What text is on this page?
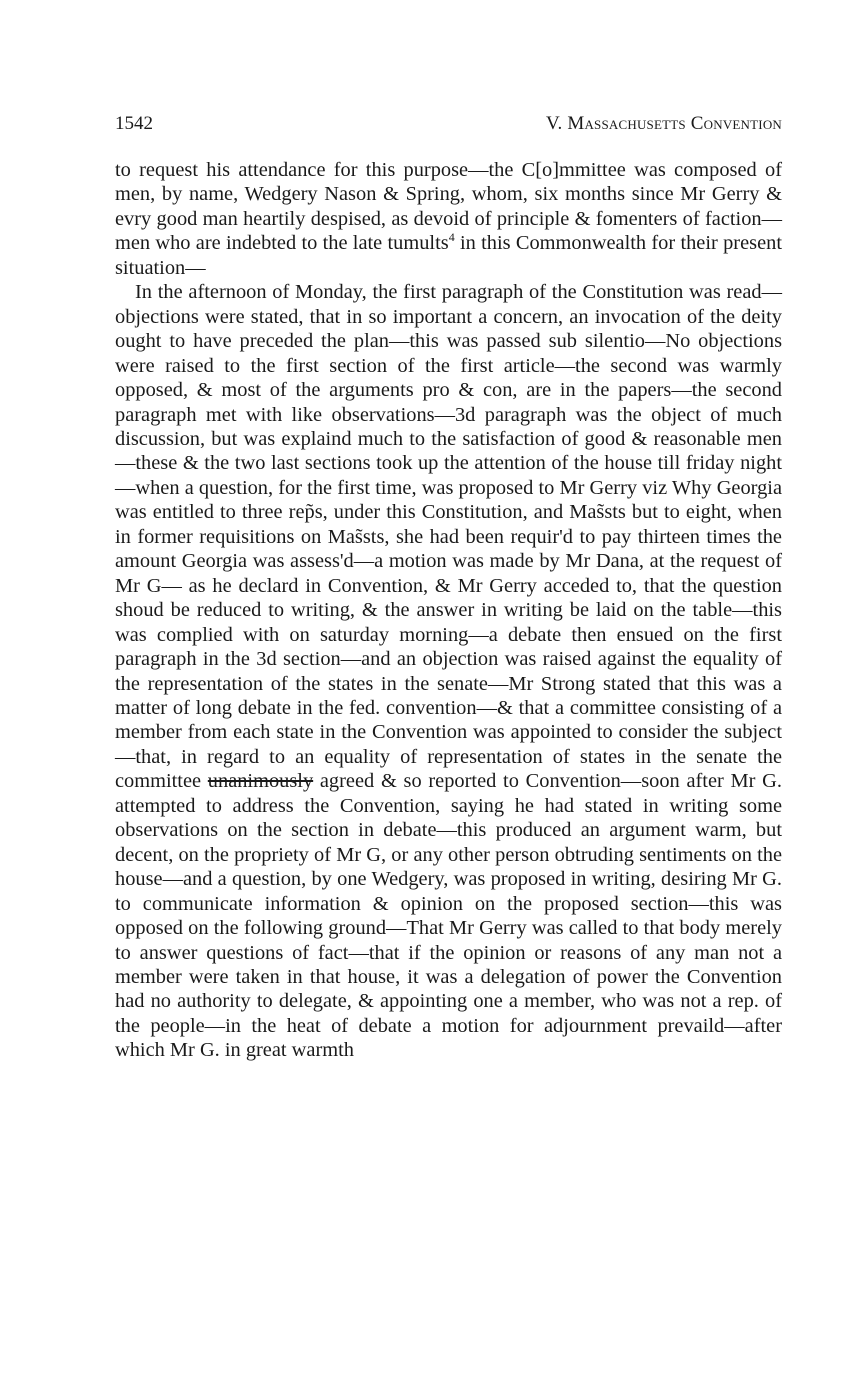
1542	V. Massachusetts Convention

to request his attendance for this purpose—the C[o]mmittee was composed of men, by name, Wedgery Nason & Spring, whom, six months since Mr Gerry & evry good man heartily despised, as devoid of principle & fomenters of faction—men who are indebted to the late tumults$^4$ in this Commonwealth for their present situation—

In the afternoon of Monday, the first paragraph of the Constitution was read—objections were stated, that in so important a concern, an invocation of the deity ought to have preceded the plan—this was passed sub silentio—No objections were raised to the first section of the first article—the second was warmly opposed, & most of the arguments pro & con, are in the papers—the second paragraph met with like observations—3d paragraph was the object of much discussion, but was explaind much to the satisfaction of good & reasonable men—these & the two last sections took up the attention of the house till friday night—when a question, for the first time, was proposed to Mr Gerry viz Why Georgia was entitled to three rep̃s, under this Constitution, and Mas̃sts but to eight, when in former requisitions on Mas̃sts, she had been requir'd to pay thirteen times the amount Georgia was assess'd—a motion was made by Mr Dana, at the request of Mr G— as he declard in Convention, & Mr Gerry acceded to, that the question shoud be reduced to writing, & the answer in writing be laid on the table—this was complied with on saturday morning—a debate then ensued on the first paragraph in the 3d section—and an objection was raised against the equality of the representation of the states in the senate—Mr Strong stated that this was a matter of long debate in the fed. convention—& that a committee consisting of a member from each state in the Convention was appointed to consider the subject—that, in regard to an equality of representation of states in the senate the committee unanimously agreed & so reported to Convention—soon after Mr G. attempted to address the Convention, saying he had stated in writing some observations on the section in debate—this produced an argument warm, but decent, on the propriety of Mr G, or any other person obtruding sentiments on the house—and a question, by one Wedgery, was proposed in writing, desiring Mr G. to communicate information & opinion on the proposed section—this was opposed on the following ground—That Mr Gerry was called to that body merely to answer questions of fact—that if the opinion or reasons of any man not a member were taken in that house, it was a delegation of power the Convention had no authority to delegate, & appointing one a member, who was not a rep. of the people—in the heat of debate a motion for adjournment prevaild—after which Mr G. in great warmth
